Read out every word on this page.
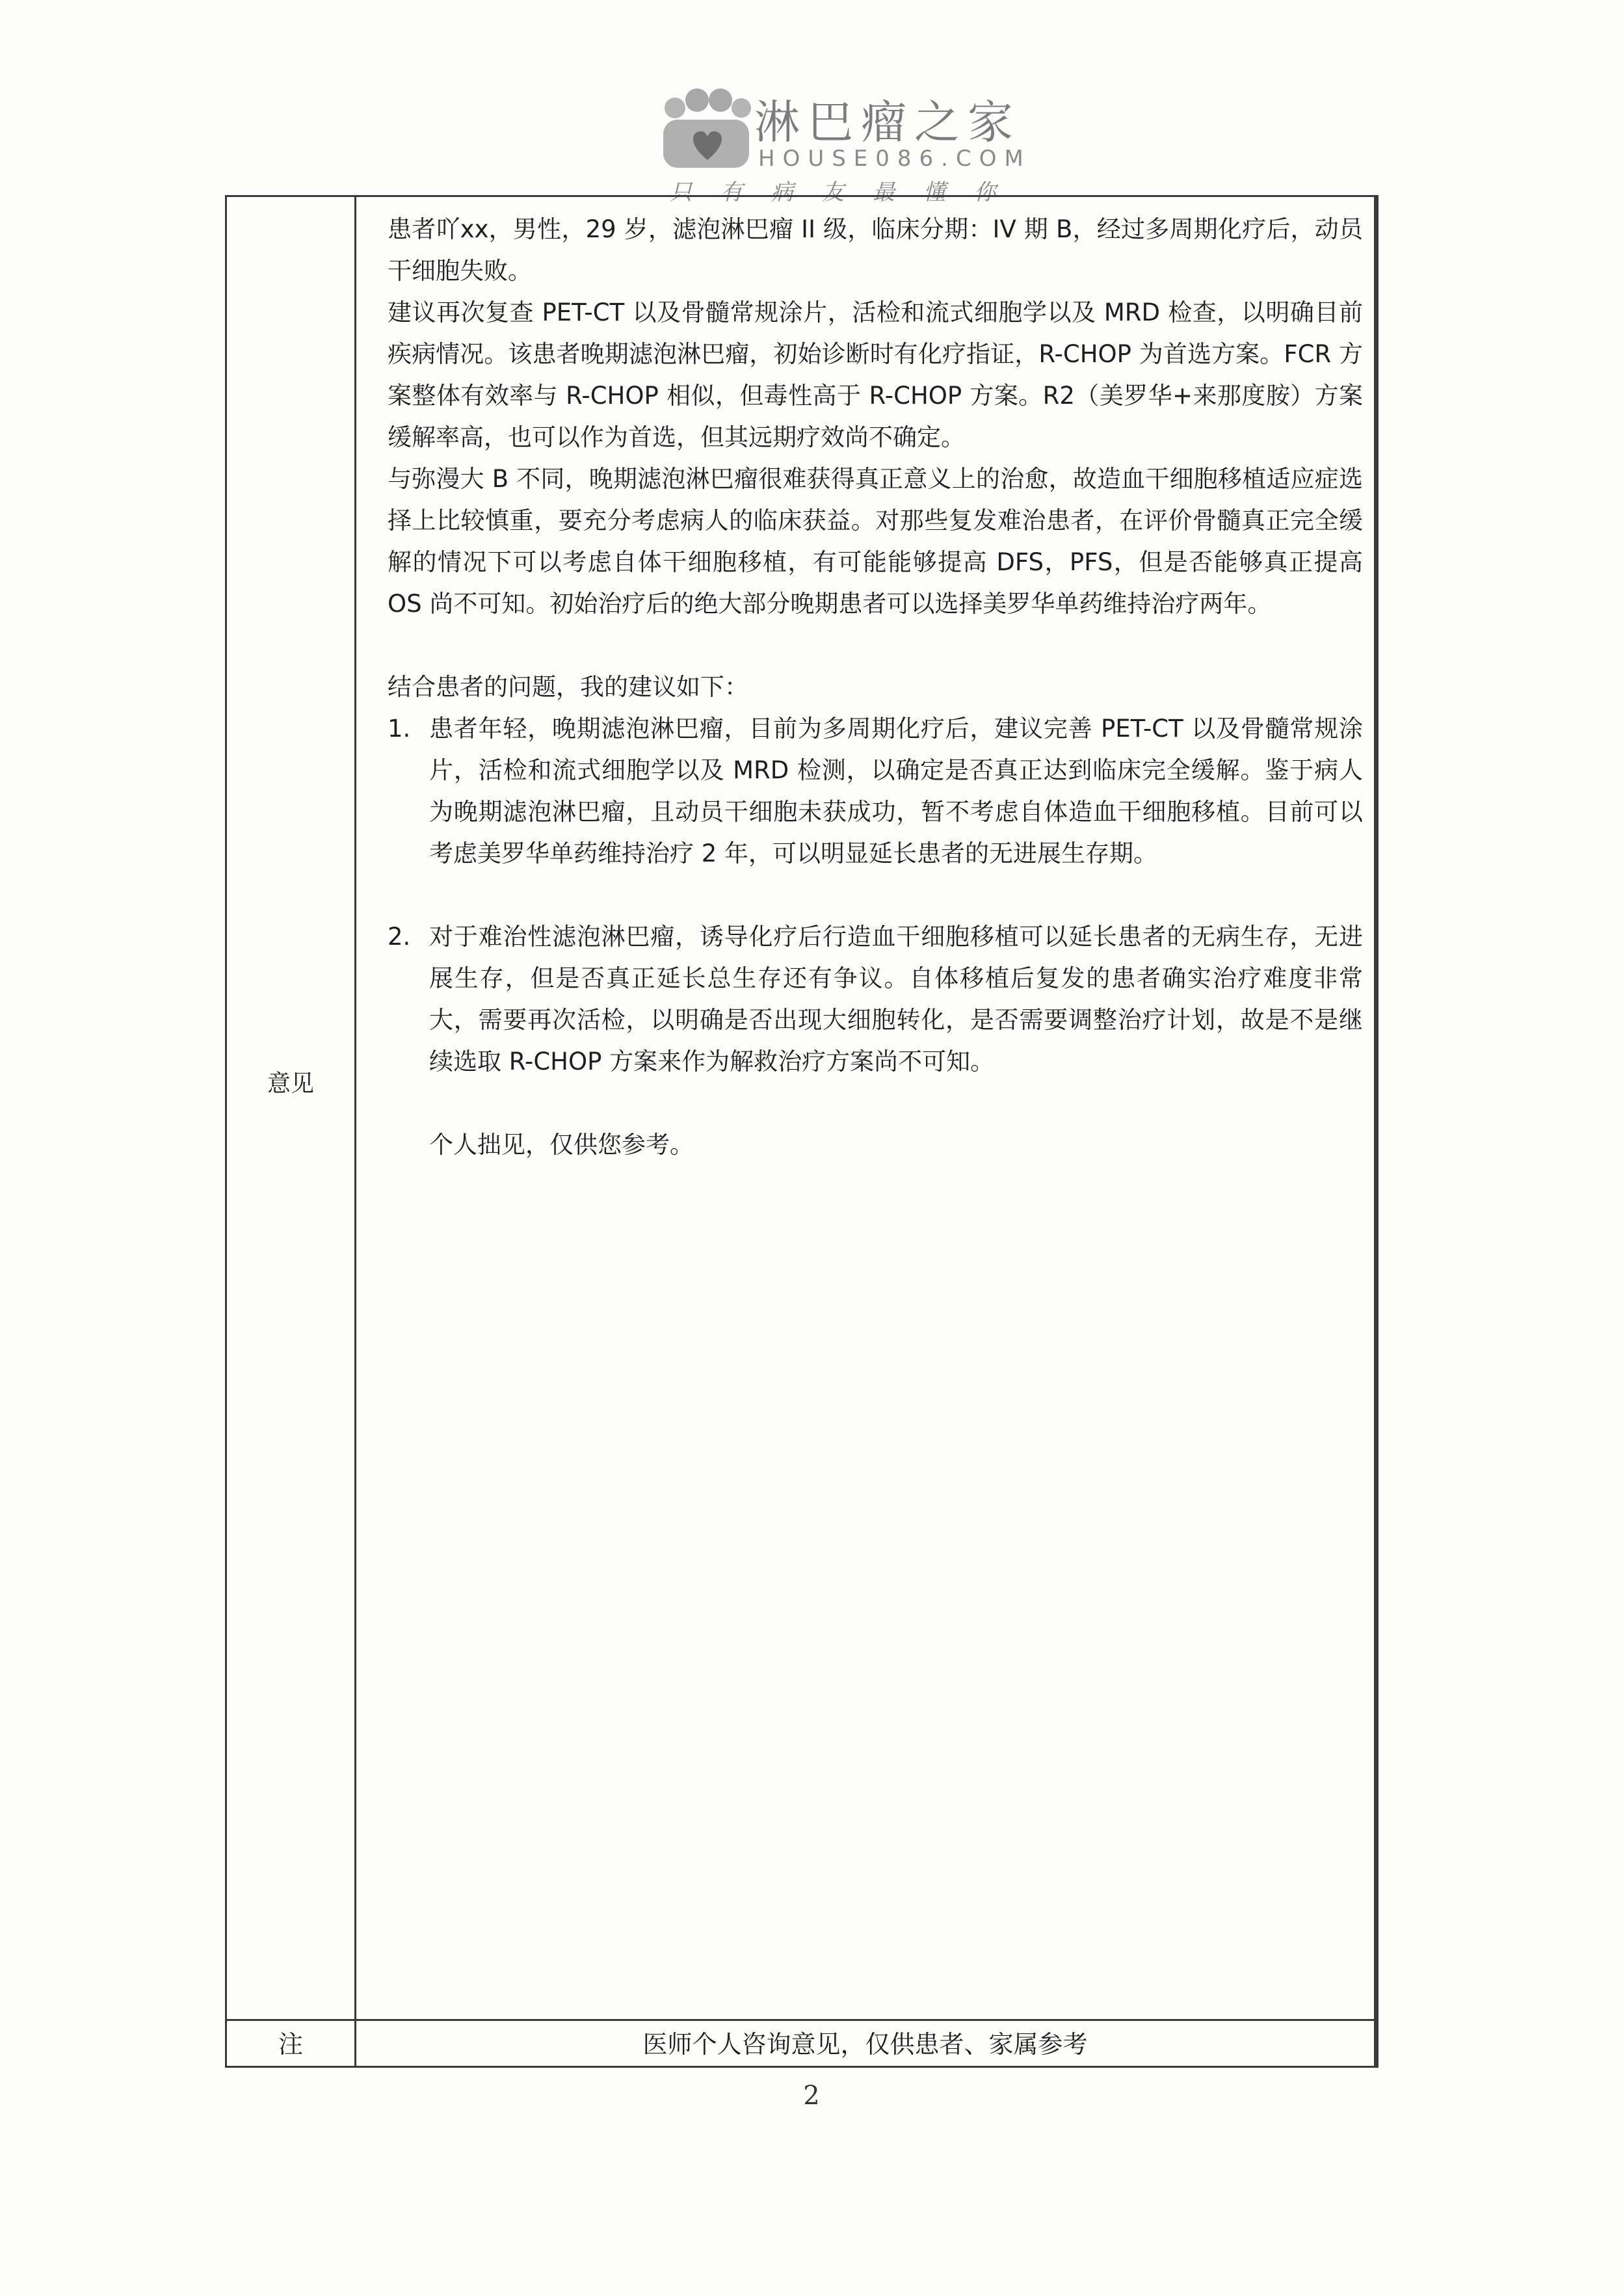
淋巴瘤之家
HOUSE086.COM
只有病友最懂你
意见

患者吖xx，男性，29 岁，滤泡淋巴瘤 II 级，临床分期：IV 期 B，经过多周期化疗后，动员干细胞失败。

建议再次复查 PET-CT 以及骨髓常规涂片，活检和流式细胞学以及 MRD 检查，以明确目前疾病情况。该患者晚期滤泡淋巴瘤，初始诊断时有化疗指证，R-CHOP 为首选方案。FCR 方案整体有效率与 R-CHOP 相似，但毒性高于 R-CHOP 方案。R2（美罗华+来那度胺）方案缓解率高，也可以作为首选，但其远期疗效尚不确定。

与弥漫大 B 不同，晚期滤泡淋巴瘤很难获得真正意义上的治愈，故造血干细胞移植适应症选择上比较慎重，要充分考虑病人的临床获益。对那些复发难治患者，在评价骨髓真正完全缓解的情况下可以考虑自体干细胞移植，有可能能够提高 DFS，PFS，但是否能够真正提高 OS 尚不可知。初始治疗后的绝大部分晚期患者可以选择美罗华单药维持治疗两年。

结合患者的问题，我的建议如下：

1. 患者年轻，晚期滤泡淋巴瘤，目前为多周期化疗后，建议完善 PET-CT 以及骨髓常规涂片，活检和流式细胞学以及 MRD 检测，以确定是否真正达到临床完全缓解。鉴于病人为晚期滤泡淋巴瘤，且动员干细胞未获成功，暂不考虑自体造血干细胞移植。目前可以考虑美罗华单药维持治疗 2 年，可以明显延长患者的无进展生存期。
2. 对于难治性滤泡淋巴瘤，诱导化疗后行造血干细胞移植可以延长患者的无病生存，无进展生存，但是否真正延长总生存还有争议。自体移植后复发的患者确实治疗难度非常大，需要再次活检，以明确是否出现大细胞转化，是否需要调整治疗计划，故是不是继续选取 R-CHOP 方案来作为解救治疗方案尚不可知。

个人拙见，仅供您参考。

注	医师个人咨询意见，仅供患者、家属参考
2
